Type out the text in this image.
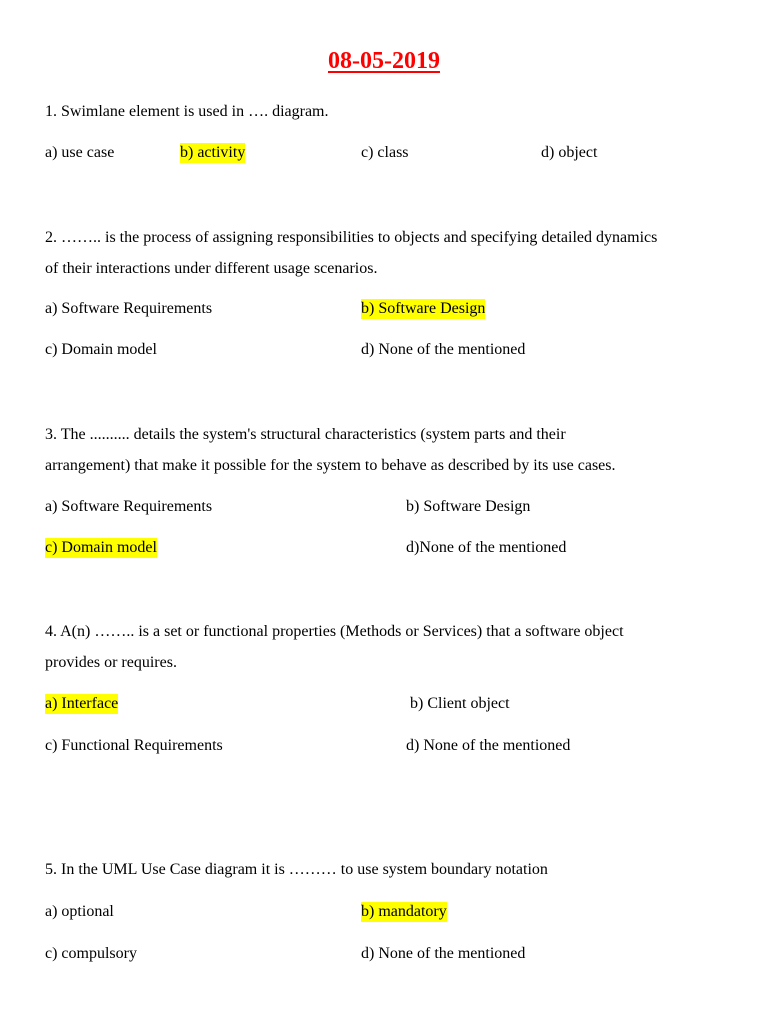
08-05-2019
1. Swimlane element is used in …. diagram.
a) use case	b) activity	c) class	d) object
2. …….. is the process of assigning responsibilities to objects and specifying detailed dynamics
of their interactions under different usage scenarios.
a) Software Requirements	b) Software Design
c) Domain model	d) None of the mentioned
3. The .......... details the system's structural characteristics (system parts and their
arrangement) that make it possible for the system to behave as described by its use cases.
a) Software Requirements	b) Software Design
c) Domain model	d)None of the mentioned
4. A(n) …….. is a set or functional properties (Methods or Services) that a software object
provides or requires.
a) Interface	b) Client object
c) Functional Requirements	d) None of the mentioned
5. In the UML Use Case diagram it is ……… to use system boundary notation
a) optional	b) mandatory
c) compulsory	d) None of the mentioned
